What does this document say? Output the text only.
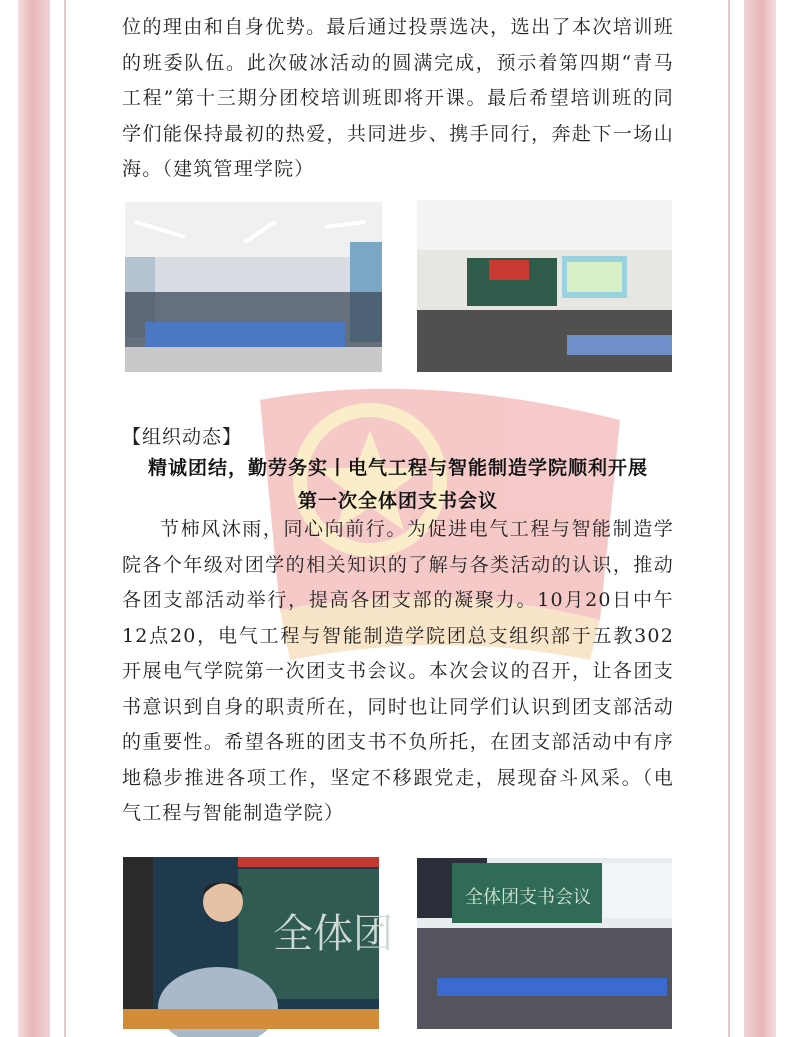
位的理由和自身优势。最后通过投票选决，选出了本次培训班的班委队伍。此次破冰活动的圆满完成，预示着第四期“青马工程”第十三期分团校培训班即将开课。最后希望培训班的同学们能保持最初的热爱，共同进步、携手同行，奔赴下一场山海。（建筑管理学院）
【组织动态】
精诚团结，勤劳务实丨电气工程与智能制造学院顺利开展
第一次全体团支书会议
节柿风沐雨，同心向前行。为促进电气工程与智能制造学院各个年级对团学的相关知识的了解与各类活动的认识，推动各团支部活动举行，提高各团支部的凝聚力。10月20日中午12点20，电气工程与智能制造学院团总支组织部于五教302开展电气学院第一次团支书会议。本次会议的召开，让各团支书意识到自身的职责所在，同时也让同学们认识到团支部活动的重要性。希望各班的团支书不负所托，在团支部活动中有序地稳步推进各项工作，坚定不移跟党走，展现奋斗风采。（电气工程与智能制造学院）
全体团
全体团支书会议
